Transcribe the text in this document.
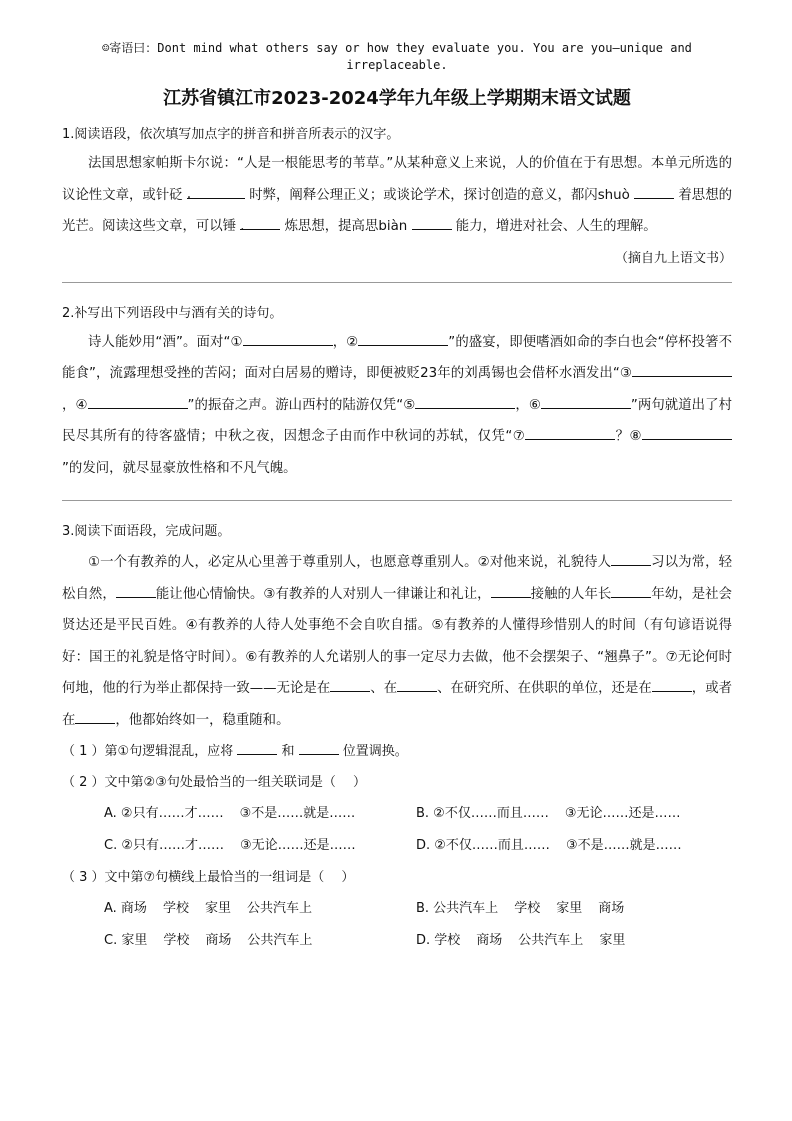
☺寄语曰：Dont mind what others say or how they evaluate you. You are you—unique and
irreplaceable.
江苏省镇江市2023-2024学年九年级上学期期末语文试题
1.阅读语段，依次填写加点字的拼音和拼音所表示的汉字。
法国思想家帕斯卡尔说：“人是一根能思考的苇草。”从某种意义上来说，人的价值在于有思想。本单元所选的议论性文章，或针砭	时弊，阐释公理正义；或谈论学术，探讨创造的意义，都闪shuò	着思想的光芒。阅读这些文章，可以锤	炼思想，提高思biàn	能力，增进对社会、人生的理解。
（摘自九上语文书）
2.补写出下列语段中与酒有关的诗句。
诗人能妙用“酒”。面对“①	，②	”的盛宴，即便嗜酒如命的李白也会“停杯投箸不能食”，流露理想受挫的苦闷；面对白居易的赠诗，即便被贬23年的刘禹锡也会借杯水酒发出“③，④	”的振奋之声。游山西村的陆游仅凭“⑤	，⑥	”两句就道出了村民尽其所有的待客盛情；中秋之夜，因想念子由而作中秋词的苏轼，仅凭“⑦	？⑧”的发问，就尽显豪放性格和不凡气魄。
3.阅读下面语段，完成问题。
①一个有教养的人，必定从心里善于尊重别人，也愿意尊重别人。②对他来说，礼貌待人	习以为常，轻松自然，	能让他心情愉快。③有教养的人对别人一律谦让和礼让，	接触的人年长	年幼，是社会贤达还是平民百姓。④有教养的人待人处事绝不会自吹自擂。⑤有教养的人懂得珍惜别人的时间（有句谚语说得好：国王的礼貌是恪守时间）。⑥有教养的人允诺别人的事一定尽力去做，他不会摆架子、“翘鼻子”。⑦无论何时何地，他的行为举止都保持一致——无论是在	、在	、在研究所、在供职的单位，还是在	，或者在	，他都始终如一，稳重随和。
（ 1 ）第①句逻辑混乱，应将	和	位置调换。
（ 2 ）文中第②③句处最恰当的一组关联词是（　 ）
A. ②只有……才…… ③不是……就是……	B. ②不仅……而且…… ③无论……还是……
C. ②只有……才…… ③无论……还是……	D. ②不仅……而且…… ③不是……就是……
（ 3 ）文中第⑦句横线上最恰当的一组词是（　 ）
A. 商场 学校 家里 公共汽车上	B. 公共汽车上 学校 家里 商场
C. 家里 学校 商场 公共汽车上	D. 学校 商场 公共汽车上 家里
